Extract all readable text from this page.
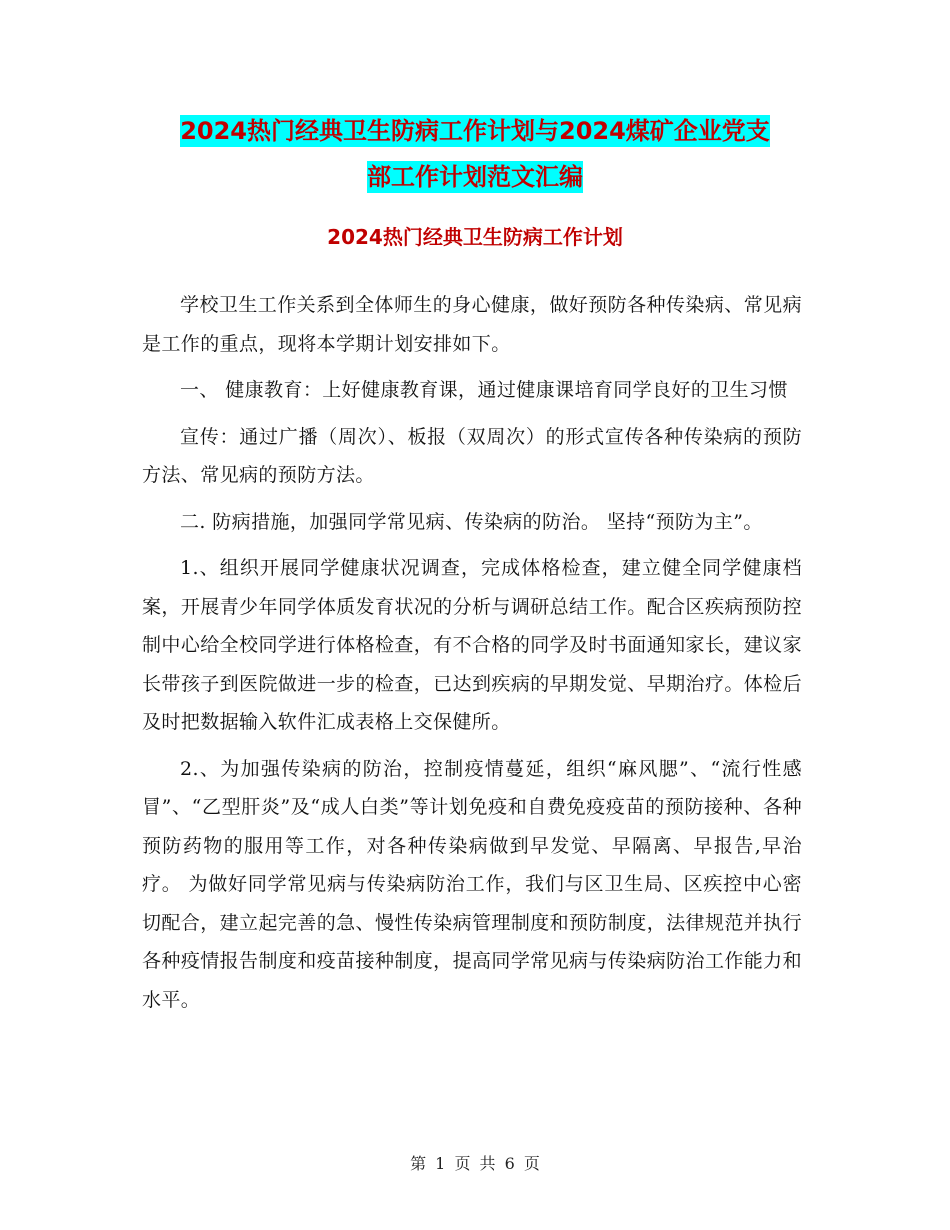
2024热门经典卫生防病工作计划与2024煤矿企业党支
部工作计划范文汇编
2024热门经典卫生防病工作计划

学校卫生工作关系到全体师生的身心健康，做好预防各种传染病、常见病是工作的重点，现将本学期计划安排如下。

一、 健康教育：上好健康教育课，通过健康课培育同学良好的卫生习惯

宣传：通过广播（周次）、板报（双周次）的形式宣传各种传染病的预防方法、常见病的预防方法。

二. 防病措施，加强同学常见病、传染病的防治。 坚持“预防为主”。

1.、组织开展同学健康状况调查，完成体格检查，建立健全同学健康档案，开展青少年同学体质发育状况的分析与调研总结工作。配合区疾病预防控制中心给全校同学进行体格检查，有不合格的同学及时书面通知家长，建议家长带孩子到医院做进一步的检查，已达到疾病的早期发觉、早期治疗。体检后及时把数据输入软件汇成表格上交保健所。

2.、为加强传染病的防治，控制疫情蔓延，组织“麻风腮”、“流行性感冒”、“乙型肝炎”及“成人白类”等计划免疫和自费免疫疫苗的预防接种、各种预防药物的服用等工作，对各种传染病做到早发觉、早隔离、早报告,早治疗。 为做好同学常见病与传染病防治工作，我们与区卫生局、区疾控中心密切配合，建立起完善的急、慢性传染病管理制度和预防制度，法律规范并执行各种疫情报告制度和疫苗接种制度，提高同学常见病与传染病防治工作能力和水平。

第 1 页 共 6 页
